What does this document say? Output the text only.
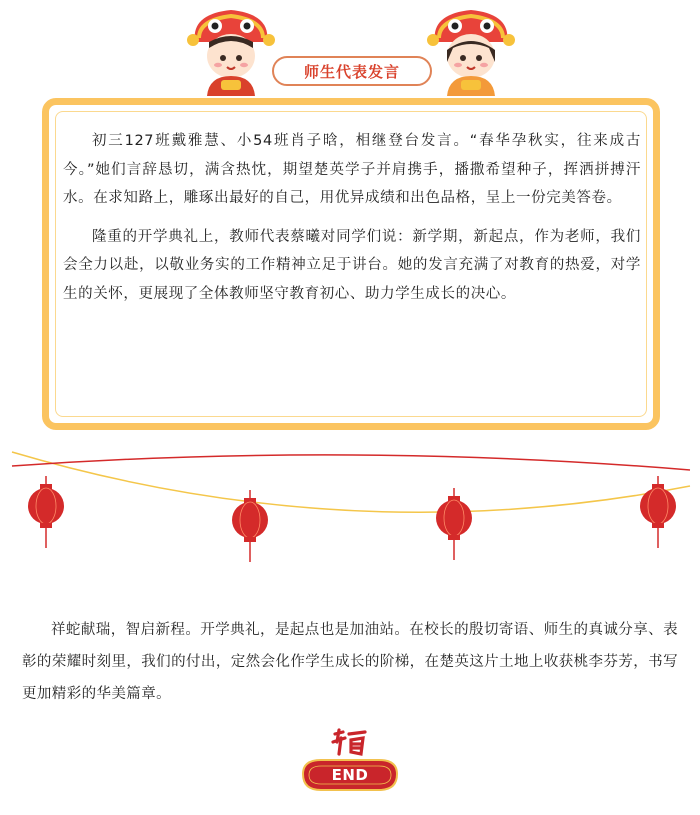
师生代表发言

初三127班戴雅慧、小54班肖子晗，相继登台发言。“春华孕秋实，往来成古今。”她们言辞恳切，满含热忱，期望楚英学子并肩携手，播撒希望种子，挥洒拼搏汗水。在求知路上，雕琢出最好的自己，用优异成绩和出色品格，呈上一份完美答卷。

隆重的开学典礼上，教师代表蔡曦对同学们说：新学期，新起点，作为老师，我们会全力以赴，以敬业务实的工作精神立足于讲台。她的发言充满了对教育的热爱，对学生的关怀，更展现了全体教师坚守教育初心、助力学生成长的决心。

祥蛇献瑞，智启新程。开学典礼，是起点也是加油站。在校长的殷切寄语、师生的真诚分享、表彰的荣耀时刻里，我们的付出，定然会化作学生成长的阶梯，在楚英这片土地上收获桃李芬芳，书写更加精彩的华美篇章。

END
